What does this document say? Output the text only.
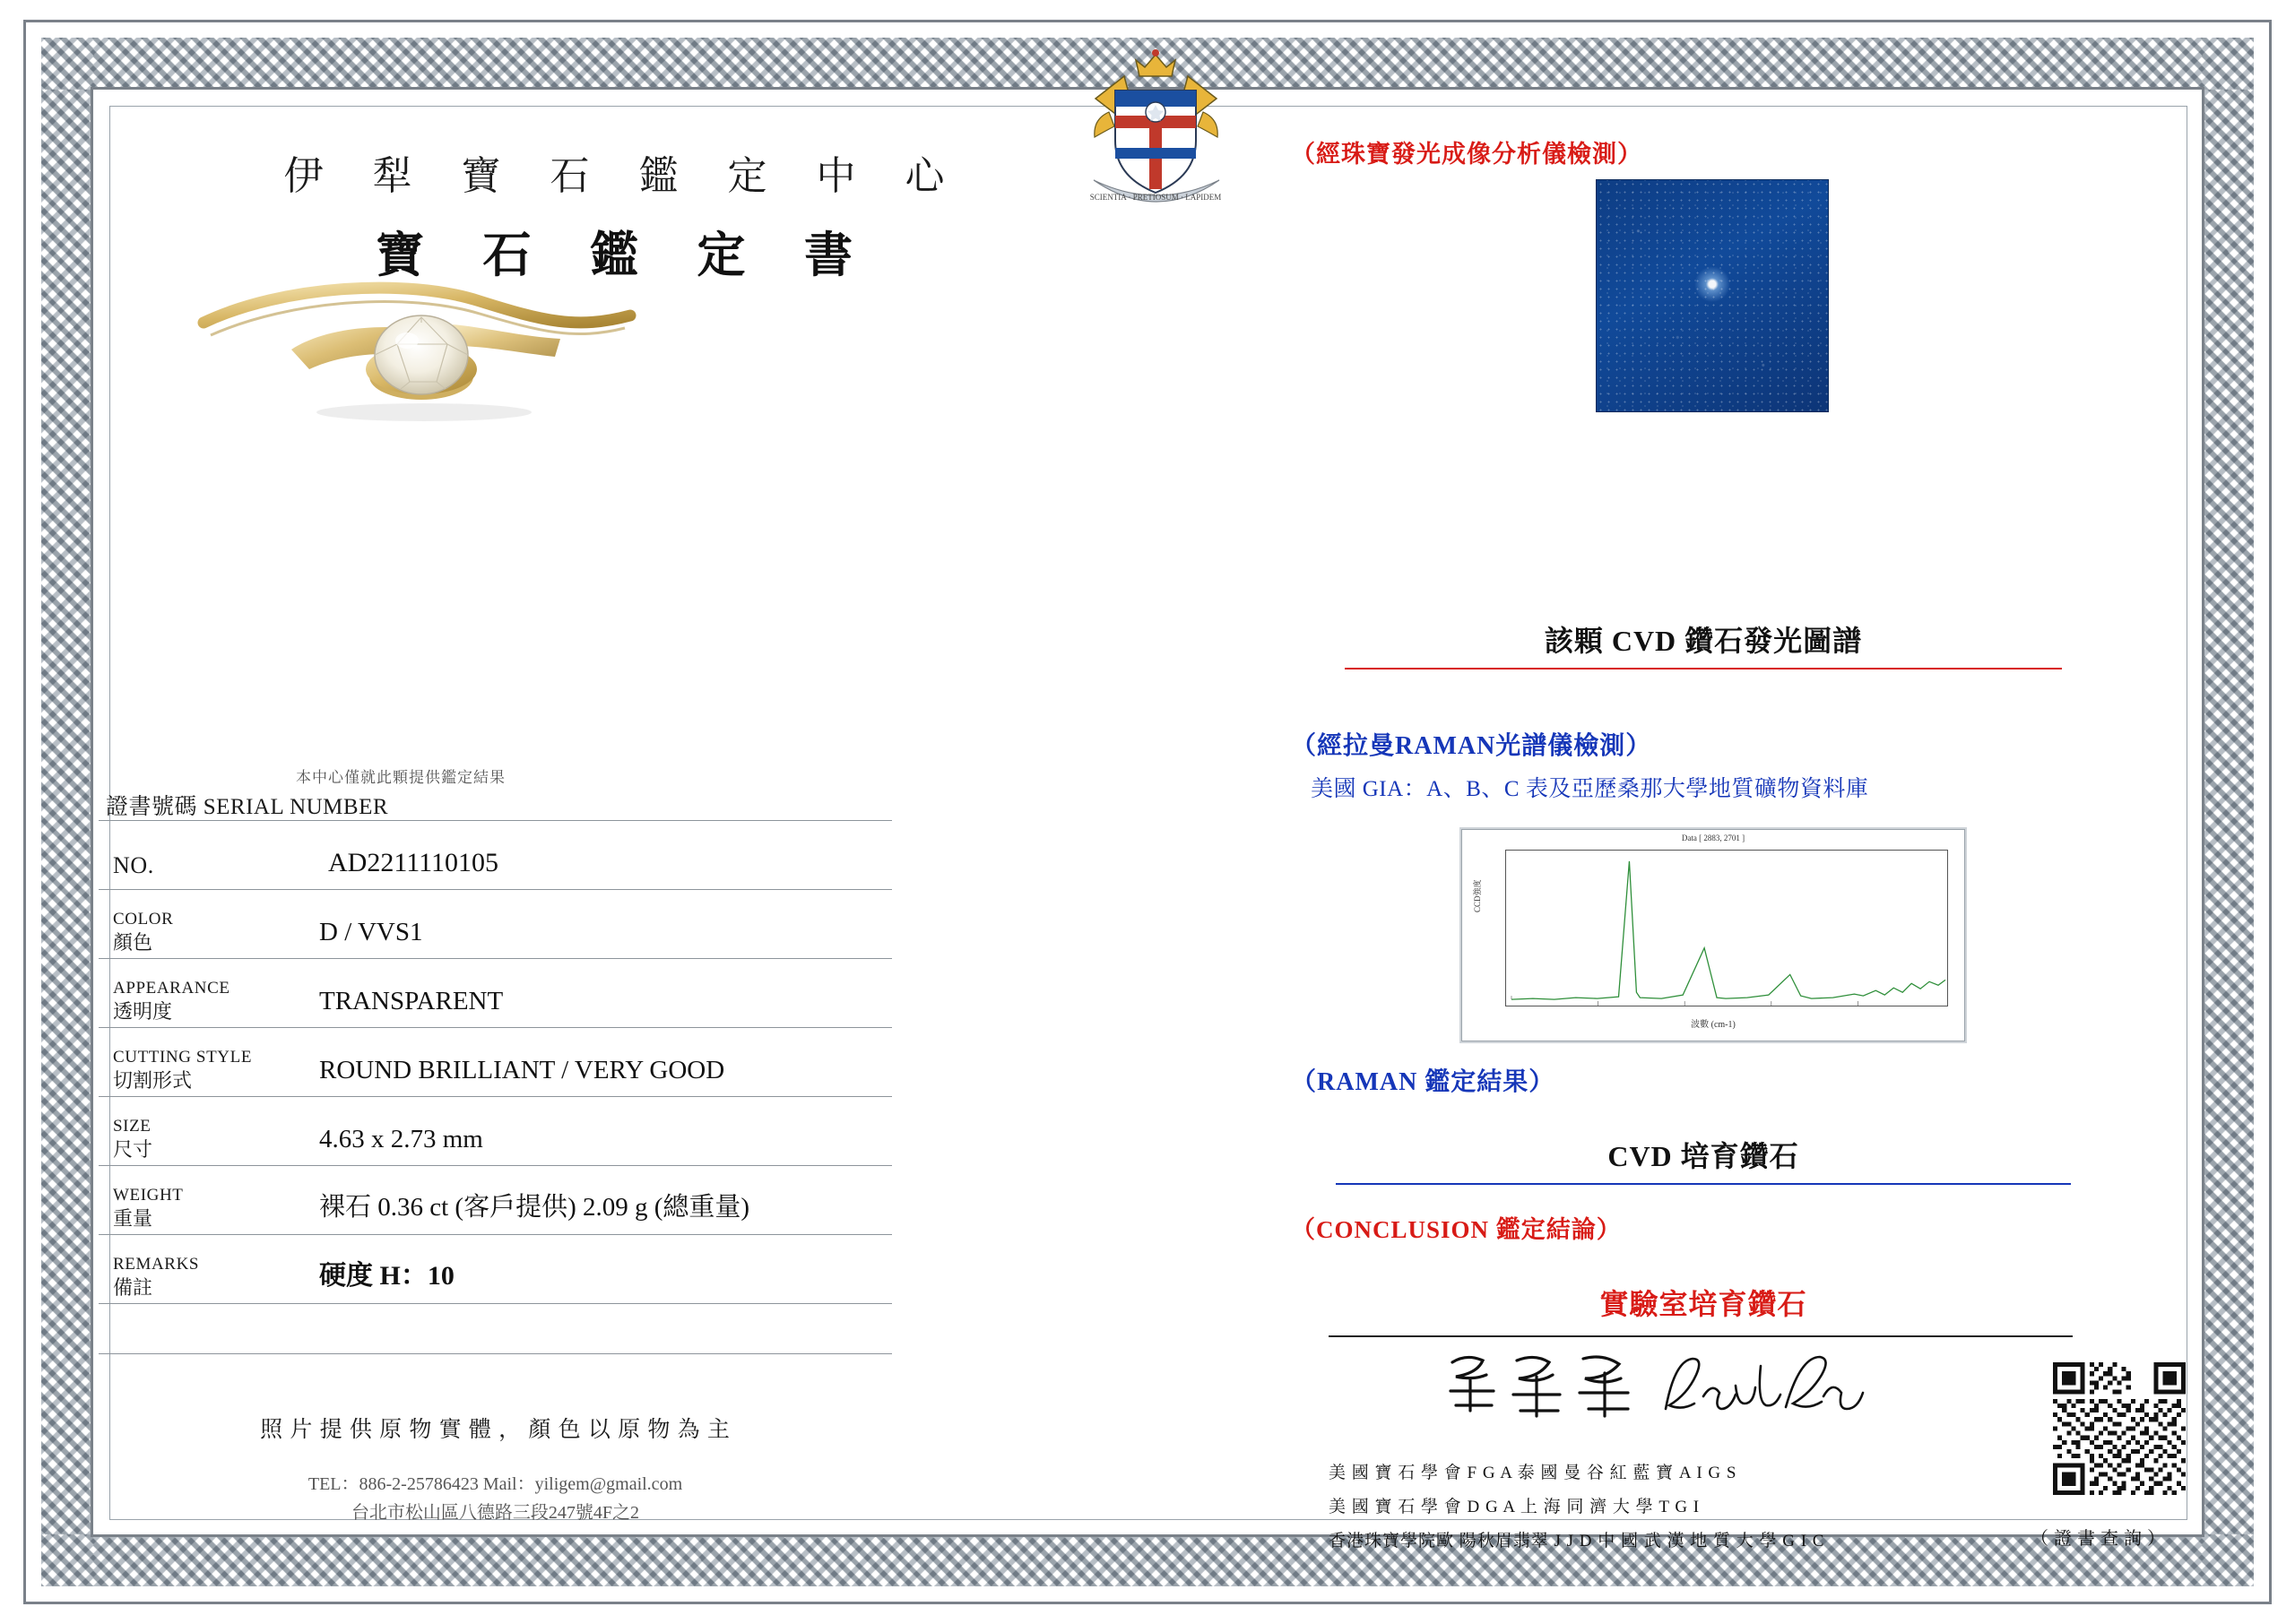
SCIENTIA · PRETIOSUM · LAPIDEM
伊 犁 寶 石 鑑 定 中 心
寶 石 鑑 定 書
本中心僅就此顆提供鑑定結果
證書號碼 SERIAL NUMBER
NO.	AD2211110105
COLOR
顏色	D / VVS1
APPEARANCE
透明度	TRANSPARENT
CUTTING STYLE
切割形式	ROUND BRILLIANT / VERY GOOD
SIZE
尺寸	4.63 x 2.73 mm
WEIGHT
重量	裸石 0.36 ct (客戶提供) 2.09 g (總重量)
REMARKS
備註	硬度 H：10
照 片 提 供 原 物 實 體 ， 顏 色 以 原 物 為 主
TEL：886-2-25786423 Mail：yiligem@gmail.com
台北市松山區八德路三段247號4F之2
（經珠寶發光成像分析儀檢測）
該顆 CVD 鑽石發光圖譜
（經拉曼RAMAN光譜儀檢測）
美國 GIA：A、B、C 表及亞歷桑那大學地質礦物資料庫
Data [ 2883, 2701 ]
CCD強度
波數 (cm-1)
（RAMAN 鑑定結果）
CVD 培育鑽石
（CONCLUSION 鑑定結論）
實驗室培育鑽石
美 國 寶 石 學 會 F G A 泰 國 曼 谷 紅 藍 寶 A I G S
美 國 寶 石 學 會 D G A 上 海 同 濟 大 學 T G I
香港珠寶學院歐 陽秋眉翡翠 J J D 中 國 武 漢 地 質 大 學 G I C	（ 證 書 查 詢 ）
